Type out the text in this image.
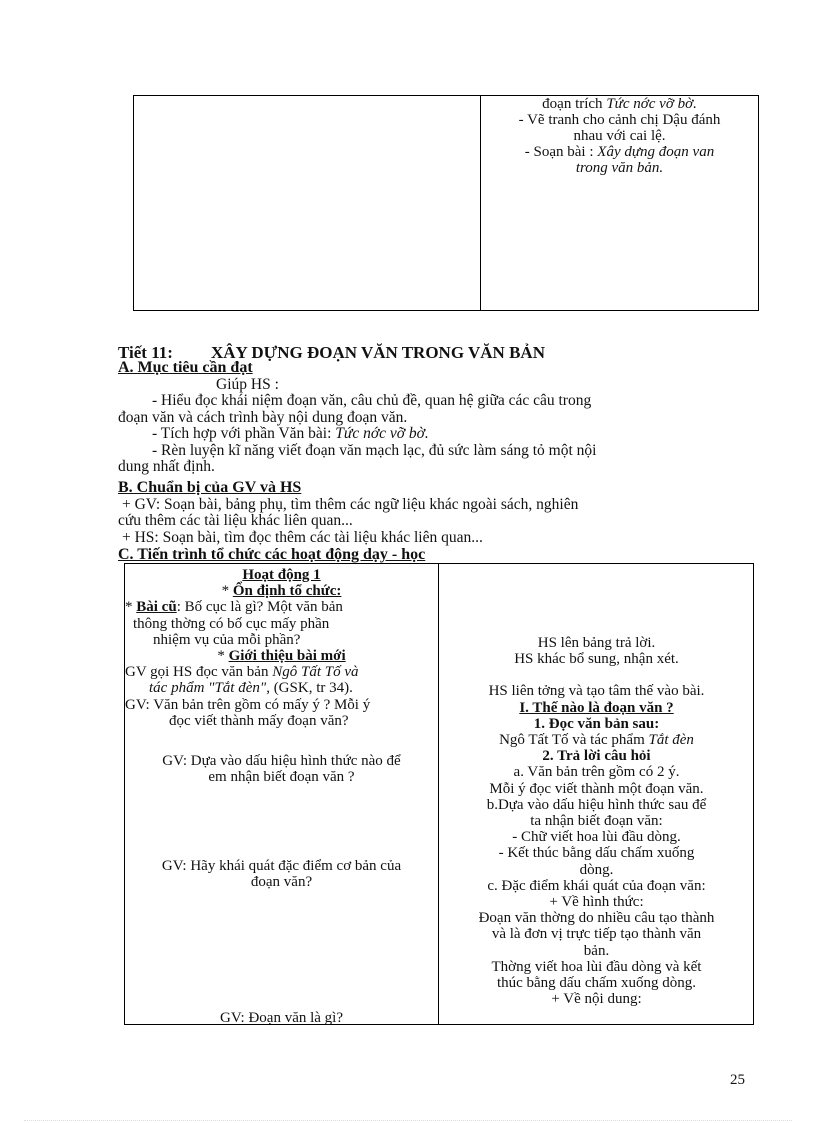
đoạn trích Tức nớc vỡ bờ.
- Vẽ tranh cho cảnh chị Dậu đánh
nhau với cai lệ.
- Soạn bài : Xây dựng đoạn van
trong văn bản.
Tiết 11: XÂY DỰNG ĐOẠN VĂN TRONG VĂN BẢN
A. Mục tiêu cần đạt
Giúp HS :
- Hiểu đọc khái niệm đoạn văn, câu chủ đề, quan hệ giữa các câu trong
đoạn văn và cách trình bày nội dung đoạn văn.
- Tích hợp với phần Văn bài: Tức nớc vỡ bờ.
- Rèn luyện kĩ năng viết đoạn văn mạch lạc, đủ sức làm sáng tỏ một nội
dung nhất định.
B. Chuẩn bị của GV và HS
+ GV: Soạn bài, bảng phụ, tìm thêm các ngữ liệu khác ngoài sách, nghiên
cứu thêm các tài liệu khác liên quan...
+ HS: Soạn bài, tìm đọc thêm các tài liệu khác liên quan...
C. Tiến trình tổ chức các hoạt động dạy - học
Hoạt động 1
* Ổn định tổ chức:
* Bài cũ: Bố cục là gì? Một văn bản
thông thờng có bố cục mấy phần
nhiệm vụ của mỗi phần?
* Giới thiệu bài mới
GV gọi HS đọc văn bản Ngô Tất Tố và
tác phẩm "Tắt đèn", (GSK, tr 34).
GV: Văn bản trên gồm có mấy ý ? Mỗi ý
đọc viết thành mấy đoạn văn?
GV: Dựa vào dấu hiệu hình thức nào để
em nhận biết đoạn văn ?
GV: Hãy khái quát đặc điểm cơ bản của
đoạn văn?
GV: Đoạn văn là gì?
HS lên bảng trả lời.
HS khác bổ sung, nhận xét.
HS liên tởng và tạo tâm thế vào bài.
I. Thế nào là đoạn văn ?
1. Đọc văn bản sau:
Ngô Tất Tố và tác phẩm Tắt đèn
2. Trả lời câu hỏi
a. Văn bản trên gồm có 2 ý.
Mỗi ý đọc viết thành một đoạn văn.
b.Dựa vào dấu hiệu hình thức sau để
ta nhận biết đoạn văn:
- Chữ viết hoa lùi đầu dòng.
- Kết thúc bằng dấu chấm xuống
dòng.
c. Đặc điểm khái quát của đoạn văn:
+ Về hình thức:
Đoạn văn thờng do nhiều câu tạo thành
và là đơn vị trực tiếp tạo thành văn
bản.
Thờng viết hoa lùi đầu dòng và kết
thúc bằng dấu chấm xuống dòng.
+ Về nội dung:
25
